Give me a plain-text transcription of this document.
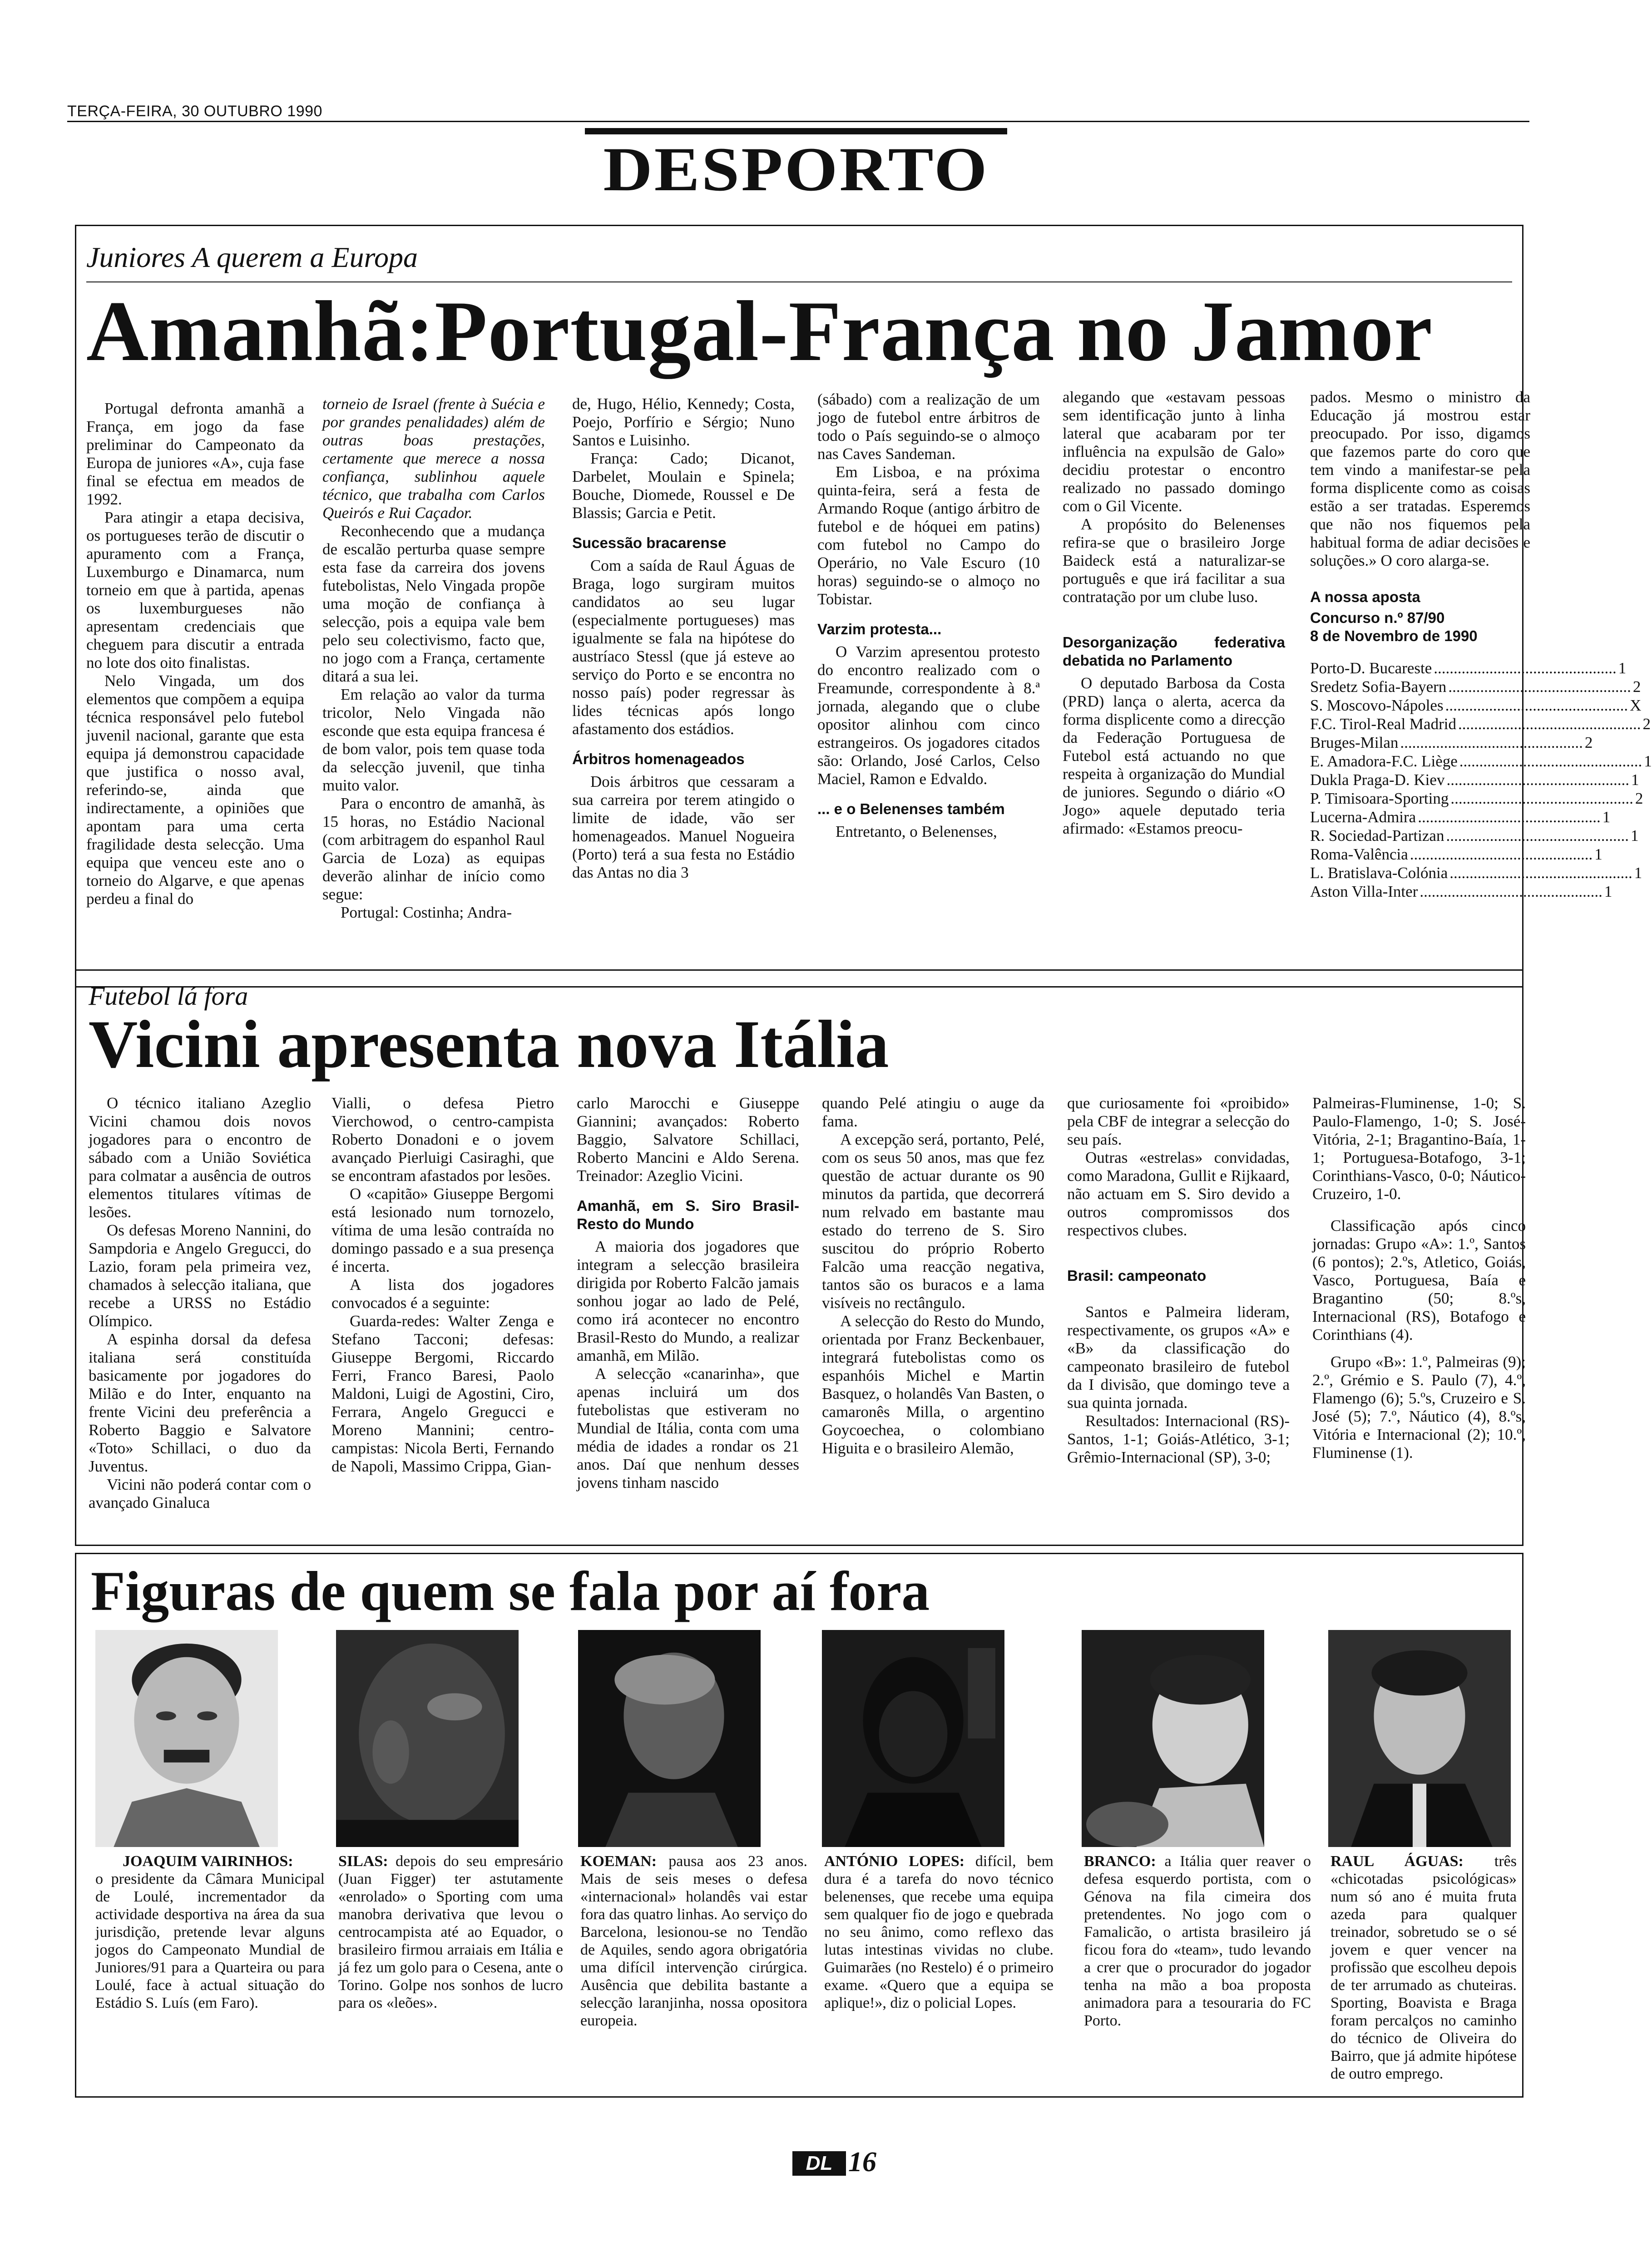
TERÇA-FEIRA, 30 OUTUBRO 1990
DESPORTO
Juniores A querem a Europa
Amanhã:Portugal-França no Jamor

Portugal defronta amanhã a França, em jogo da fase preliminar do Campeonato da Europa de juniores «A», cuja fase final se efectua em meados de 1992.

Para atingir a etapa decisiva, os portugueses terão de discutir o apuramento com a França, Luxemburgo e Dinamarca, num torneio em que à partida, apenas os luxemburgueses não apresentam credenciais que cheguem para discutir a entrada no lote dos oito finalistas.

Nelo Vingada, um dos elementos que compõem a equipa técnica responsável pelo futebol juvenil nacional, garante que esta equipa já demonstrou capacidade que justifica o nosso aval, referindo-se, ainda que indirectamente, a opiniões que apontam para uma certa fragilidade desta selecção. Uma equipa que venceu este ano o torneio do Algarve, e que apenas perdeu a final do

torneio de Israel (frente à Suécia e por grandes penalidades) além de outras boas prestações, certamente que merece a nossa confiança, sublinhou aquele técnico, que trabalha com Carlos Queirós e Rui Caçador.

Reconhecendo que a mudança de escalão perturba quase sempre esta fase da carreira dos jovens futebolistas, Nelo Vingada propõe uma moção de confiança à selecção, pois a equipa vale bem pelo seu colectivismo, facto que, no jogo com a França, certamente ditará a sua lei.

Em relação ao valor da turma tricolor, Nelo Vingada não esconde que esta equipa francesa é de bom valor, pois tem quase toda da selecção juvenil, que tinha muito valor.

Para o encontro de amanhã, às 15 horas, no Estádio Nacional (com arbitragem do espanhol Raul Garcia de Loza) as equipas deverão alinhar de início como segue:

Portugal: Costinha; Andra-

de, Hugo, Hélio, Kennedy; Costa, Poejo, Porfírio e Sérgio; Nuno Santos e Luisinho.

França: Cado; Dicanot, Darbelet, Moulain e Spinela; Bouche, Diomede, Roussel e De Blassis; Garcia e Petit.

Sucessão bracarense

Com a saída de Raul Águas de Braga, logo surgiram muitos candidatos ao seu lugar (especialmente portugueses) mas igualmente se fala na hipótese do austríaco Stessl (que já esteve ao serviço do Porto e se encontra no nosso país) poder regressar às lides técnicas após longo afastamento dos estádios.

Árbitros homenageados

Dois árbitros que cessaram a sua carreira por terem atingido o limite de idade, vão ser homenageados. Manuel Nogueira (Porto) terá a sua festa no Estádio das Antas no dia 3

(sábado) com a realização de um jogo de futebol entre árbitros de todo o País seguindo-se o almoço nas Caves Sandeman.

Em Lisboa, e na próxima quinta-feira, será a festa de Armando Roque (antigo árbitro de futebol e de hóquei em patins) com futebol no Campo do Operário, no Vale Escuro (10 horas) seguindo-se o almoço no Tobistar.

Varzim protesta...

O Varzim apresentou protesto do encontro realizado com o Freamunde, correspondente à 8.ª jornada, alegando que o clube opositor alinhou com cinco estrangeiros. Os jogadores citados são: Orlando, José Carlos, Celso Maciel, Ramon e Edvaldo.

... e o Belenenses também

Entretanto, o Belenenses,

alegando que «estavam pessoas sem identificação junto à linha lateral que acabaram por ter influência na expulsão de Galo» decidiu protestar o encontro realizado no passado domingo com o Gil Vicente.

A propósito do Belenenses refira-se que o brasileiro Jorge Baideck está a naturalizar-se português e que irá facilitar a sua contratação por um clube luso.

Desorganização federativa debatida no Parlamento

O deputado Barbosa da Costa (PRD) lança o alerta, acerca da forma displicente como a direcção da Federação Portuguesa de Futebol está actuando no que respeita à organização do Mundial de juniores. Segundo o diário «O Jogo» aquele deputado teria afirmado: «Estamos preocu-

pados. Mesmo o ministro da Educação já mostrou estar preocupado. Por isso, digamos que fazemos parte do coro que tem vindo a manifestar-se pela forma displicente como as coisas estão a ser tratadas. Esperemos que não nos fiquemos pela habitual forma de adiar decisões e soluções.» O coro alarga-se.

A nossa aposta

Concurso n.º 87/90

8 de Novembro de 1990

Porto-D. Bucareste .............................................. 1
Sredetz Sofia-Bayern .............................................. 2
S. Moscovo-Nápoles .............................................. X
F.C. Tirol-Real Madrid .............................................. 2
Bruges-Milan .............................................. 2
E. Amadora-F.C. Liège .............................................. 1
Dukla Praga-D. Kiev .............................................. 1
P. Timisoara-Sporting .............................................. 2
Lucerna-Admira .............................................. 1
R. Sociedad-Partizan .............................................. 1
Roma-Valência .............................................. 1
L. Bratislava-Colónia .............................................. 1
Aston Villa-Inter .............................................. 1
Futebol lá fora
Vicini apresenta nova Itália

O técnico italiano Azeglio Vicini chamou dois novos jogadores para o encontro de sábado com a União Soviética para colmatar a ausência de outros elementos titulares vítimas de lesões.

Os defesas Moreno Nannini, do Sampdoria e Angelo Gregucci, do Lazio, foram pela primeira vez, chamados à selecção italiana, que recebe a URSS no Estádio Olímpico.

A espinha dorsal da defesa italiana será constituída basicamente por jogadores do Milão e do Inter, enquanto na frente Vicini deu preferência a Roberto Baggio e Salvatore «Toto» Schillaci, o duo da Juventus.

Vicini não poderá contar com o avançado Ginaluca

Vialli, o defesa Pietro Vierchowod, o centro-campista Roberto Donadoni e o jovem avançado Pierluigi Casiraghi, que se encontram afastados por lesões.

O «capitão» Giuseppe Bergomi está lesionado num tornozelo, vítima de uma lesão contraída no domingo passado e a sua presença é incerta.

A lista dos jogadores convocados é a seguinte:

Guarda-redes: Walter Zenga e Stefano Tacconi; defesas: Giuseppe Bergomi, Riccardo Ferri, Franco Baresi, Paolo Maldoni, Luigi de Agostini, Ciro, Ferrara, Angelo Gregucci e Moreno Mannini; centro-campistas: Nicola Berti, Fernando de Napoli, Massimo Crippa, Gian-

carlo Marocchi e Giuseppe Giannini; avançados: Roberto Baggio, Salvatore Schillaci, Roberto Mancini e Aldo Serena. Treinador: Azeglio Vicini.

Amanhã, em S. Siro Brasil-Resto do Mundo

A maioria dos jogadores que integram a selecção brasileira dirigida por Roberto Falcão jamais sonhou jogar ao lado de Pelé, como irá acontecer no encontro Brasil-Resto do Mundo, a realizar amanhã, em Milão.

A selecção «canarinha», que apenas incluirá um dos futebolistas que estiveram no Mundial de Itália, conta com uma média de idades a rondar os 21 anos. Daí que nenhum desses jovens tinham nascido

quando Pelé atingiu o auge da fama.

A excepção será, portanto, Pelé, com os seus 50 anos, mas que fez questão de actuar durante os 90 minutos da partida, que decorrerá num relvado em bastante mau estado do terreno de S. Siro suscitou do próprio Roberto Falcão uma reacção negativa, tantos são os buracos e a lama visíveis no rectângulo.

A selecção do Resto do Mundo, orientada por Franz Beckenbauer, integrará futebolistas como os espanhóis Michel e Martin Basquez, o holandês Van Basten, o camaronês Milla, o argentino Goycoechea, o colombiano Higuita e o brasileiro Alemão,

que curiosamente foi «proibido» pela CBF de integrar a selecção do seu país.

Outras «estrelas» convidadas, como Maradona, Gullit e Rijkaard, não actuam em S. Siro devido a outros compromissos dos respectivos clubes.

Brasil: campeonato

Santos e Palmeira lideram, respectivamente, os grupos «A» e «B» da classificação do campeonato brasileiro de futebol da I divisão, que domingo teve a sua quinta jornada.

Resultados: Internacional (RS)-Santos, 1-1; Goiás-Atlético, 3-1; Grêmio-Internacional (SP), 3-0;

Palmeiras-Fluminense, 1-0; S. Paulo-Flamengo, 1-0; S. José-Vitória, 2-1; Bragantino-Baía, 1-1; Portuguesa-Botafogo, 3-1; Corinthians-Vasco, 0-0; Náutico-Cruzeiro, 1-0.

Classificação após cinco jornadas: Grupo «A»: 1.º, Santos (6 pontos); 2.ºs, Atletico, Goiás, Vasco, Portuguesa, Baía e Bragantino (50; 8.ºs, Internacional (RS), Botafogo e Corinthians (4).

Grupo «B»: 1.º, Palmeiras (9); 2.º, Grémio e S. Paulo (7), 4.º, Flamengo (6); 5.ºs, Cruzeiro e S. José (5); 7.º, Náutico (4), 8.ºs, Vitória e Internacional (2); 10.º, Fluminense (1).

Figuras de quem se fala por aí fora
JOAQUIM VAIRINHOS:
o presidente da Câmara Municipal de Loulé, incrementador da actividade desportiva na área da sua jurisdição, pretende levar alguns jogos do Campeonato Mundial de Juniores/91 para a Quarteira ou para Loulé, face à actual situação do Estádio S. Luís (em Faro).
SILAS: depois do seu empresário (Juan Figger) ter astutamente «enrolado» o Sporting com uma manobra derivativa que levou o centrocampista até ao Equador, o brasileiro firmou arraiais em Itália e já fez um golo para o Cesena, ante o Torino. Golpe nos sonhos de lucro para os «leões».
KOEMAN: pausa aos 23 anos. Mais de seis meses o defesa «internacional» holandês vai estar fora das quatro linhas. Ao serviço do Barcelona, lesionou-se no Tendão de Aquiles, sendo agora obrigatória uma difícil intervenção cirúrgica. Ausência que debilita bastante a selecção laranjinha, nossa opositora europeia.
ANTÓNIO LOPES: difícil, bem dura é a tarefa do novo técnico belenenses, que recebe uma equipa sem qualquer fio de jogo e quebrada no seu ânimo, como reflexo das lutas intestinas vividas no clube. Guimarães (no Restelo) é o primeiro exame. «Quero que a equipa se aplique!», diz o policial Lopes.
BRANCO: a Itália quer reaver o defesa esquerdo portista, com o Génova na fila cimeira dos pretendentes. No jogo com o Famalicão, o artista brasileiro já ficou fora do «team», tudo levando a crer que o procurador do jogador tenha na mão a boa proposta animadora para a tesouraria do FC Porto.
RAUL ÁGUAS: três «chicotadas psicológicas» num só ano é muita fruta azeda para qualquer treinador, sobretudo se o sé jovem e quer vencer na profissão que escolheu depois de ter arrumado as chuteiras. Sporting, Boavista e Braga foram percalços no caminho do técnico de Oliveira do Bairro, que já admite hipótese de outro emprego.
DL 16
